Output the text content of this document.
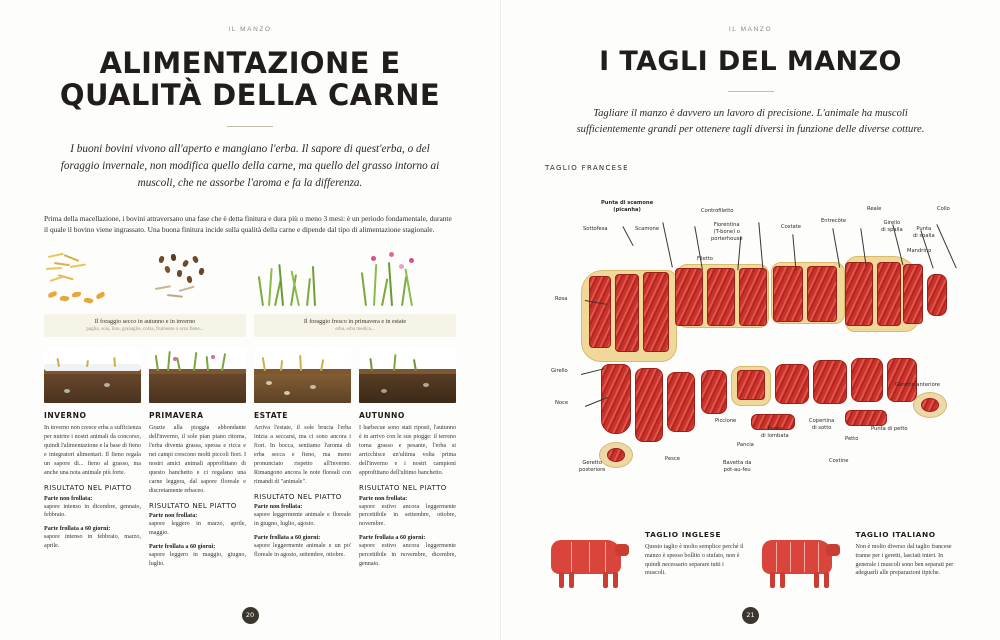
IL MANZO
ALIMENTAZIONE E QUALITÀ DELLA CARNE

I buoni bovini vivono all'aperto e mangiano l'erba. Il sapore di quest'erba, o del foraggio invernale, non modifica quello della carne, ma quello del grasso intorno ai muscoli, che ne assorbe l'aroma e fa la differenza.

Prima della macellazione, i bovini attraversano una fase che è detta finitura e dura più o meno 3 mesi: è un periodo fondamentale, durante il quale il bovino viene ingrassato. Una buona finitura incide sulla qualità della carne e dipende dal tipo di alimentazione stagionale.

Il foraggio secco in autunno e in inverno
paglia, soia, lino, granaglie, colza, frumento o orzo fieno...
Il foraggio fresco in primavera e in estate
erba, erba medica...
INVERNO

In inverno non cresce erba a sufficienza per nutrire i nostri animali da concorso, quindi l'alimentazione e la base di fieno e integratori alimentari. Il fieno regala un sapore di... fieno al grasso, ma anche una nota animale più forte.

RISULTATO NEL PIATTO
Parte non frollata:

sapore intenso in dicembre, gennaio, febbraio.

Parte frollata a 60 giorni:

sapore intenso in febbraio, marzo, aprile.

PRIMAVERA

Grazie alla pioggia abbondante dell'inverno, il sole pian piano ritorna, l'erba diventa grassa, spessa e ricca e nei campi crescono molti piccoli fiori. I nostri amici animali approfittano di questo banchetto e ci regalano una carne leggera, dal sapore floreale e discretamente erbaceo.

RISULTATO NEL PIATTO
Parte non frollata:

sapore leggero in marzo, aprile, maggio.

Parte frollata a 60 giorni:

sapore leggero in maggio, giugno, luglio.

ESTATE

Arriva l'estate, il sole brucia l'erba inizia a seccarsi, ma ci sono ancora i fiori. In bocca, sentiamo l'aroma di erba secca e fieno, ma meno pronunciato rispetto all'inverno. Rimangono ancora le note floreali con rimandi di "animale".

RISULTATO NEL PIATTO
Parte non frollata:

sapore leggermente animale e floreale in giugno, luglio, agosto.

Parte frollata a 60 giorni:

sapore leggermente animale e un po' floreale in agosto, settembre, ottobre.

AUTUNNO

I barbecue sono stati riposti, l'autunno è in arrivo con le sue piogge: il terreno torna grasso e pesante, l'erba si arricchisce un'ultima volta prima dell'inverno e i nostri campioni approfittano dell'ultimo banchetto.

RISULTATO NEL PIATTO
Parte non frollata:

sapore estivo ancora leggermente percettibile in settembre, ottobre, novembre.

Parte frollata a 60 giorni:

sapore estivo ancora leggermente percettibile in novembre, dicembre, gennaio.

20
IL MANZO
I TAGLI DEL MANZO

Tagliare il manzo è davvero un lavoro di precisione. L'animale ha muscoli sufficientemente grandi per ottenere tagli diversi in funzione delle diverse cotture.

TAGLIO FRANCESE
Punta di scamone
(picanha)
Sottofesa	Scamone
Controfiletto
Fiorentina
(T-bone) o
porterhouse
Filetto
Costate
Entrecôte
Reale
Girello
di spalla	Punta
di spalla
Collo
Mandrino
Rosa
Girello
Noce
Geretto
posteriore
Pesce
Piccione
Pancia
Punta
di lombata
Copertina
di sotto
Petto
Punta di petto
Costine
Bavetta da
pot-au-feu
Geretto anteriore
TAGLIO INGLESE

Questo taglio è molto semplice perché il manzo è spesso bollito o stufato, non è quindi necessario separare tutti i muscoli.

TAGLIO ITALIANO

Non è molto diverso dal taglio francese tranne per i geretti, lasciati interi. In generale i muscoli sono ben separati per adeguarli alle preparazioni tipiche.

21
